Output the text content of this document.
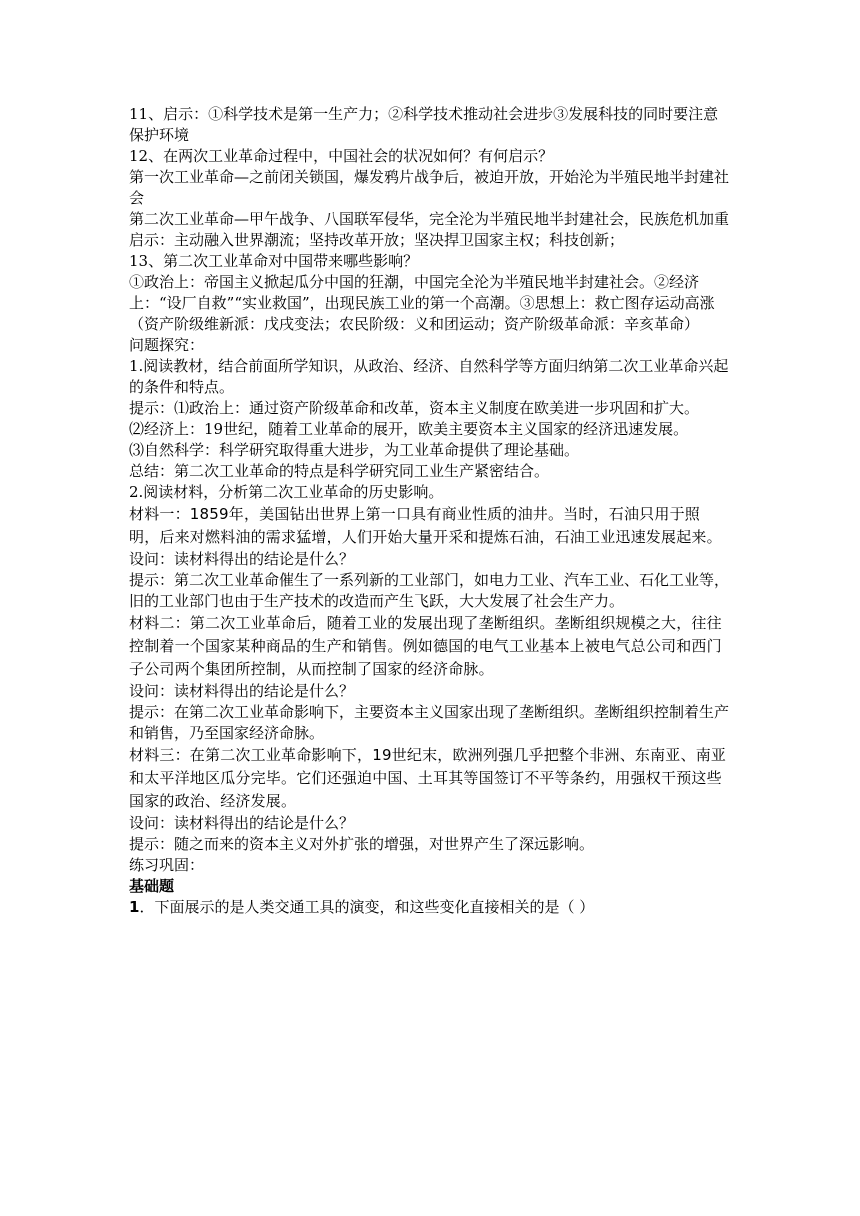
11、启示：①科学技术是第一生产力；②科学技术推动社会进步③发展科技的同时要注意保护环境

12、在两次工业革命过程中，中国社会的状况如何？有何启示？

第一次工业革命—之前闭关锁国，爆发鸦片战争后，被迫开放，开始沦为半殖民地半封建社会

第二次工业革命—甲午战争、八国联军侵华，完全沦为半殖民地半封建社会，民族危机加重

启示：主动融入世界潮流；坚持改革开放；坚决捍卫国家主权；科技创新；

13、第二次工业革命对中国带来哪些影响？

①政治上：帝国主义掀起瓜分中国的狂潮，中国完全沦为半殖民地半封建社会。②经济上：“设厂自救”“实业救国”，出现民族工业的第一个高潮。③思想上：救亡图存运动高涨（资产阶级维新派：戊戌变法；农民阶级：义和团运动；资产阶级革命派：辛亥革命）

问题探究：

1.阅读教材，结合前面所学知识，从政治、经济、自然科学等方面归纳第二次工业革命兴起的条件和特点。

提示：⑴政治上：通过资产阶级革命和改革，资本主义制度在欧美进一步巩固和扩大。

⑵经济上：19世纪，随着工业革命的展开，欧美主要资本主义国家的经济迅速发展。

⑶自然科学：科学研究取得重大进步，为工业革命提供了理论基础。

总结：第二次工业革命的特点是科学研究同工业生产紧密结合。

2.阅读材料，分析第二次工业革命的历史影响。

材料一：1859年，美国钻出世界上第一口具有商业性质的油井。当时，石油只用于照明，后来对燃料油的需求猛增，人们开始大量开采和提炼石油，石油工业迅速发展起来。

设问：读材料得出的结论是什么？

提示：第二次工业革命催生了一系列新的工业部门，如电力工业、汽车工业、石化工业等，旧的工业部门也由于生产技术的改造而产生飞跃，大大发展了社会生产力。

材料二：第二次工业革命后，随着工业的发展出现了垄断组织。垄断组织规模之大，往往控制着一个国家某种商品的生产和销售。例如德国的电气工业基本上被电气总公司和西门子公司两个集团所控制，从而控制了国家的经济命脉。

设问：读材料得出的结论是什么？

提示：在第二次工业革命影响下，主要资本主义国家出现了垄断组织。垄断组织控制着生产和销售，乃至国家经济命脉。

材料三：在第二次工业革命影响下，19世纪末，欧洲列强几乎把整个非洲、东南亚、南亚和太平洋地区瓜分完毕。它们还强迫中国、土耳其等国签订不平等条约，用强权干预这些国家的政治、经济发展。

设问：读材料得出的结论是什么？

提示：随之而来的资本主义对外扩张的增强，对世界产生了深远影响。

练习巩固：

基础题

1．下面展示的是人类交通工具的演变，和这些变化直接相关的是（ ）
